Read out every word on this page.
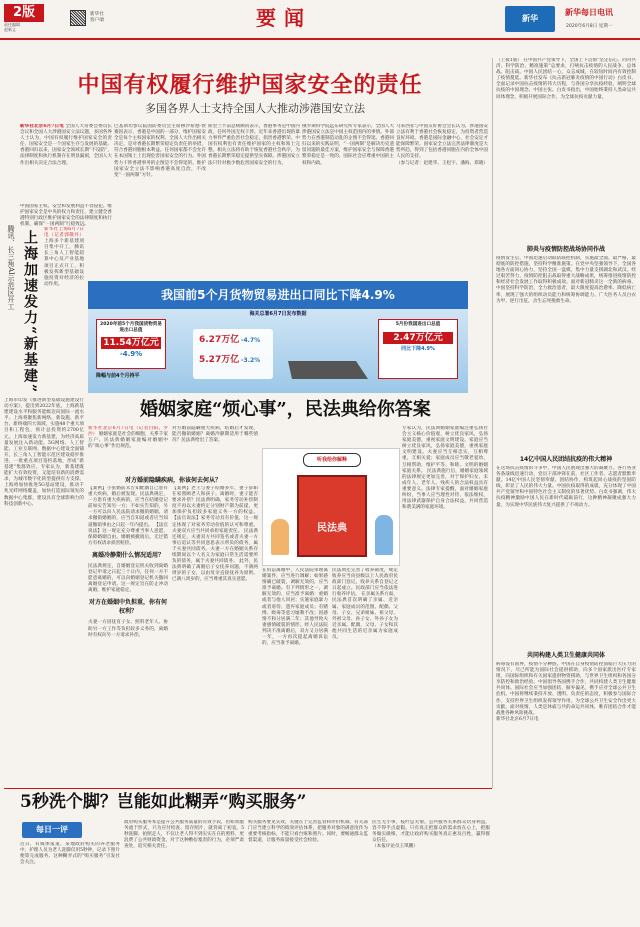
2版
责任编辑
赵新义
新华社
客户端	要闻	新华
新华每日电讯
2020年6月8日 星期一
中国有权履行维护国家安全的责任
多国各界人士支持全国人大推动涉港国安立法
新华社北京6月7日电 全国人大常委会委员长会议和全国人大涉港国安立法议题，多国各界人士认为，中国有权履行维护国家安全的责任，国家安全是一个国家生存与发展的基础。香港回归以来，国家安全领域长期“不设防”，法律制度和执行机制存在明显漏洞，全国人大作出相关决定合法合理。
中国国家主权、安全和发展利益不容侵犯。维护国家安全是中央的权力和责任，建立健全香港特别行政区维护国家安全的法律制度和执行机制，确保“一国两制”行稳致远。
巴基斯坦参议院国防委员会主席穆沙希德·侯赛因表示，香港是中国的一部分，维护国家安全是每个主权国家的权利。全国人大作出相关决定，是对香港长期繁荣稳定负责任的举措，符合香港同胞根本利益。任何国家都不会允许在本国领土上出现危害国家安全的行为。外国势力干涉香港事务的企图是不会得逞的。维护国家安全立法不影响香港高度自治，不改变“一国两制”方针。
斯里兰卡前总统顾问表示，香港事务是中国内政，任何外国无权干涉。近年来香港出现的暴力事件严重危害社会稳定，损害香港繁荣。中国有权利也有责任维护国家的主权和领土完整。相关立法将有助于恢复香港社会秩序，为香港长期繁荣稳定提供坚实保障。涉港国安立法只针对极少数危害国家安全的行为。
俄罗斯科学院远东研究所专家表示，全国人大涉港国安立法是中国主权范围内的事情。外部势力在香港制造动乱的企图不会得逞。香港回归以来的实践证明，“一国两制”是解决历史遗留问题的最佳方案，维护国家安全与保障香港繁荣稳定是一致的。国际社会应尊重中国的主权和内政。
马来西亚与中国友好协会会长认为，涉港国安立法有利于香港社会恢复稳定，为投资者营造良好环境。香港是国际金融中心，社会安定才能保障繁荣。国家安全立法完善法律制度是大势所趋，得到了包括香港同胞在内的全体中国人民的支持。
（参与记者：赵建华、王松宇、潘海、郑晓）
腾讯、长三角AI示范区开工 上海加速发力“新基建”
新华社上海6月7日电（记者郭敬丹） 上海多个新基建项目集中开工，腾讯长三角人工智能超算中心及产业基地项目正式开工，积极发挥新型基础设施投资对经济的拉动作用。
上海市印发《推进新型基础设施建设行动方案》，提出到2022年底，上海新基建建设水平和服务能级迈向国际一流水平。上海将聚焦新网络、新设施、新平台、新终端四大领域，实施48个重大项目和工程包，预计总投资约2700亿元。上海加速发力新基建，为经济高质量发展注入新动能。5G网络、人工智能、工业互联网、数据中心建设全面铺开，长三角人工智能示范区建设稳步推进，一批重点项目签约落地，形成“新基建”集群效应。专家认为，新基建既能扩大有效投资，又能培育新的消费需求，为城市数字化转型提供有力支撑。上海将加快推进5G基站建设，推动千兆光纤网络覆盖，加快打造国际领先的数据中心集群，建设具有全球影响力的科技创新中心。
我国前5个月货物贸易进出口同比下降4.9%
海关总署6月7日发布数据
2020年前5个月我国货物贸易进出口总值
11.54万亿元
-4.9%
降幅与前4个月持平
6.27万亿 -4.7%
5.27万亿 -3.2%
5月份我国进出口总值
2.47万亿元
同比下降4.9%
婚姻家庭“烦心事”，民法典给你答案
新华社北京6月7日电（记者白阳、罗沙） 婚姻家庭是社会的细胞，关系千家万户。民法典婚姻家庭编对婚姻中的“烦心事”作出规范。
对方婚前隐瞒重大疾病，结婚后才发现，能否撤销婚姻？离婚冷静期适用于哪些情况？民法典给出了答案。
对方婚前隐瞒疾病，你该何去何从？
【案例】小张婚前未告知配偶自己患有重大疾病，婚后被发现。民法典规定，一方患有重大疾病的，应当在结婚登记前如实告知另一方；不如实告知的，另一方可以向人民法院请求撤销婚姻。请求撤销婚姻的，应当自知道或者应当知道撤销事由之日起一年内提出。 【法官说法】这一规定充分尊重当事人意愿，保障婚姻自由。婚姻被撤销后，无过错方有权请求损害赔偿。
离婚冷静期什么情况适用？
民法典规定，自婚姻登记机关收到离婚登记申请之日起三十日内，任何一方不愿意离婚的，可以向婚姻登记机关撤回离婚登记申请。这一规定旨在防止冲动离婚，维护家庭稳定。
对方在婚姻中负担重，你有何权利？
夫妻一方因抚育子女、照料老年人、协助另一方工作等负担较多义务的，离婚时有权向另一方请求补偿。
【案例】老王与妻子结婚多年，妻子辞职在家照顾老人和孩子。离婚时，妻子能否要求补偿？民法典明确，家务劳动补偿制度不再以夫妻约定分别财产制为前提，更加保护负担较多家庭义务一方的权益。 【法官说法】家务劳动具有价值，这一规定体现了对家务劳动价值的认可和尊重。夫妻双方应当共同承担家庭责任。 民法典还规定，夫妻双方共同签名或者夫妻一方事后追认等共同意思表示所负的债务，属于夫妻共同债务。夫妻一方在婚姻关系存续期间以个人名义为家庭日常生活需要所负的债务，属于夫妻共同债务。 此外，民法典明确了离婚后子女抚养问题，不满两周岁的子女，以由母亲直接抚养为原则。已满八周岁的，应当尊重其真实意愿。
听我给你解释
民法典
在诉讼离婚中，人民法院审理离婚案件，应当进行调解；如果感情确已破裂，调解无效的，应当准予离婚。有下列情形之一，调解无效的，应当准予离婚：重婚或者与他人同居；实施家庭暴力或者虐待、遗弃家庭成员；有赌博、吸毒等恶习屡教不改；因感情不和分居满二年；其他导致夫妻感情破裂的情形。经人民法院判决不准离婚后，双方又分居满一年，一方再次提起离婚诉讼的，应当准予离婚。
民法典还完善了收养制度，规定收养应当向县级以上人民政府民政部门登记，收养关系自登记之日起成立。民政部门应当依法进行收养评估。 在亲属关系方面，民法典首次明确了亲属、近亲属、家庭成员的范围。配偶、父母、子女、兄弟姐妹、祖父母、外祖父母、孙子女、外孙子女为近亲属。配偶、父母、子女和其他共同生活的近亲属为家庭成员。
专家认为，民法典婚姻家庭编注重弘扬社会主义核心价值观，树立优良家风，弘扬家庭美德，重视家庭文明建设。家庭应当树立优良家风，弘扬家庭美德，重视家庭文明建设。夫妻应当互相忠实，互相尊重，互相关爱；家庭成员应当敬老爱幼，互相帮助，维护平等、和睦、文明的婚姻家庭关系。 民法典施行后，婚姻家庭领域的法律规定更加完善，对于保护妇女、未成年人、老年人、残疾人的合法权益具有重要意义。法律专家提醒，面对婚姻家庭纠纷，当事人应当理性对待，依法维权，用法律武器保护自身合法权益，共同营造和谐美满的家庭环境。
（上接1版） 在中国共产党领导下，全国上下贯彻“坚定信心、同舟共济、科学防治、精准施策”总要求，打响抗击疫情的人民战争、总体战、阻击战。中国人民团结一心，众志成城，在较短时间内有效控制了疫情蔓延。新华社发布《抗击新冠肺炎疫情的中国行动》白皮书，全面记录中国抗击疫情的伟大历程，与各国分享抗疫经验，阐明全球抗疫的中国理念、中国主张。白皮书指出，中国始终秉持人类命运共同体理念，积极开展国际合作，为全球抗疫贡献力量。
肺炎与疫情防控战场协同作战
疫情发生后，中国迅速启动联防联控机制，实施最全面、最严格、最彻底的防控措施，坚持科学精准施策。在党中央坚强领导下，全国各地各方面同心协力，坚持全国一盘棋，集中力量支援湖北和武汉。经过艰苦努力，疫情防控阻击战取得重大战略成果，统筹推进疫情防控和经济社会发展工作取得积极成效。面对新冠肺炎这一全新的病毒，中国坚持科学防治，全力救治患者，最大限度提高治愈率、降低病亡率，展现了强大的组织动员能力和统筹协调能力。广大医务人员白衣为甲、逆行出征，舍生忘死挽救生命。
14亿中国人民团结抗疫的伟大精神
在这场抗击疫情的斗争中，中国人民展现出强大的凝聚力。各行各业各条战线迅速行动，党员干部冲锋在前，社区工作者、志愿者默默奉献。14亿中国人民坚韧奉献、团结协作，构筑起同心战疫的坚固防线，彰显了人民的伟大力量。中国抗疫取得的成就，充分体现了中国共产党领导和中国特色社会主义制度的显著优势。白皮书强调，伟大抗疫精神激励中国人民在新时代砥砺前行，这种精神凝聚成强大力量，为实现中华民族伟大复兴提供了不竭动力。
共同构建人类卫生健康共同体
病毒没有国界，疫情不分种族。中国在自身疫情防控面临巨大压力的情况下，尽己所能为国际社会提供援助，向多个国家派出医疗专家组，向国际组织和有关国家提供物资援助，与世界卫生组织和各国分享防控和救治经验。中国倡导各国携手合作，共同构建人类卫生健康共同体。国际社会应当加强团结，摒弃偏见，携手应对全球公共卫生危机。中国将继续秉持开放、透明、负责任的态度，积极参与国际合作，支持世界卫生组织发挥领导作用，为全球公共卫生安全作出更大贡献。面对疫情，人类是休戚与共的命运共同体，唯有团结合作才能战胜各种风险挑战。
新华社北京6月7日电
5秒洗个脚？岂能如此糊弄“购买服务”
每日一评
近日，有媒体报道，某地政府购买的养老服务中，护理人员为老人洗脚仅用5秒钟，记录下照片便算完成服务。这种糊弄式的“购买服务”引发社会关注。
政府购买服务本是提升公共服务质量的有效手段，但如果服务流于形式，只为应付检查、留存照片，就背离了初衷。5秒洗脚、拍照走人，不仅让老人得不到实实在在的照料，更浪费了公共财政资金。对于这种敷衍塞责的行为，必须严肃查处，追究相关责任。
购买服务要见实效，关键在于完善监管和评价机制。有关部门应当建立科学的绩效评估体系，把服务对象的满意度作为重要考核指标，不能只看台账和照片。同时，要畅通群众监督渠道，让服务质量接受社会检验。
民生无小事，枝叶总关情。公共服务关系群众切身利益，容不得半点虚假。只有真正把群众的需求放在心上，把服务做实做细，才能让政府购买服务真正惠及百姓，赢得群众信任。
（本报评论员王琪鹏）
